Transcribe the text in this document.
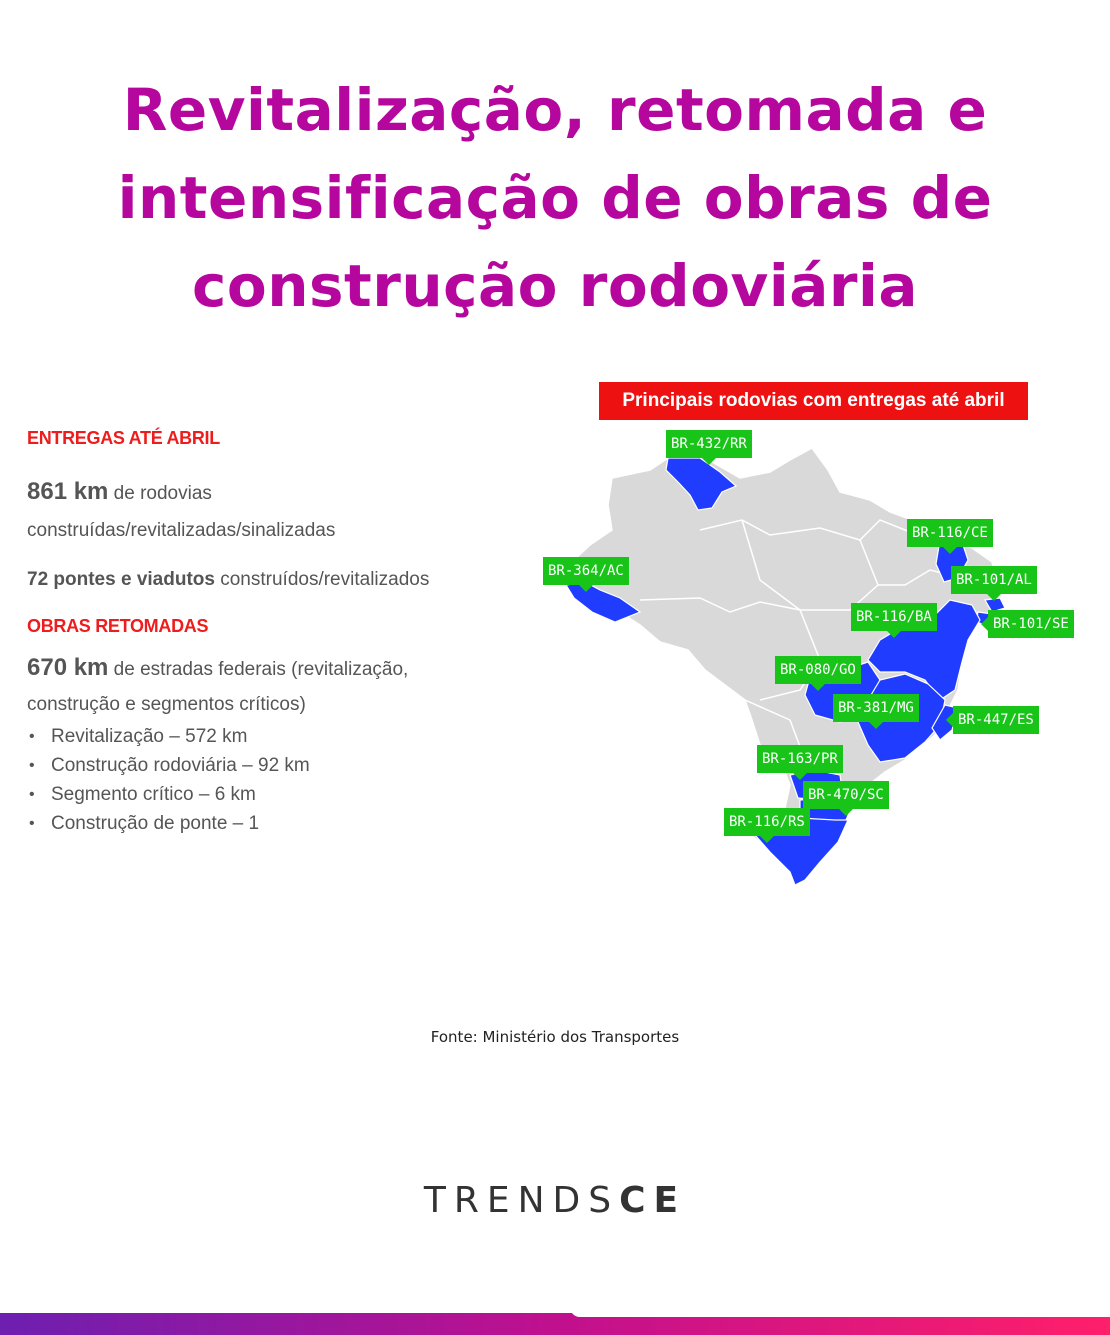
Revitalização, retomada e
intensificação de obras de
construção rodoviária
ENTREGAS ATÉ ABRIL
861 km de rodovias
construídas/revitalizadas/sinalizadas
72 pontes e viadutos construídos/revitalizados
OBRAS RETOMADAS
670 km de estradas federais (revitalização,
construção e segmentos críticos)
• Revitalização – 572 km
• Construção rodoviária – 92 km
• Segmento crítico – 6 km
• Construção de ponte – 1
Principais rodovias com entregas até abril
BR-432/RR
BR-364/AC
BR-116/CE
BR-101/AL
BR-116/BA	BR-101/SE
BR-080/GO
BR-381/MG
BR-447/ES
BR-163/PR
BR-470/SC
BR-116/RS
Fonte: Ministério dos Transportes
TRENDSCE
